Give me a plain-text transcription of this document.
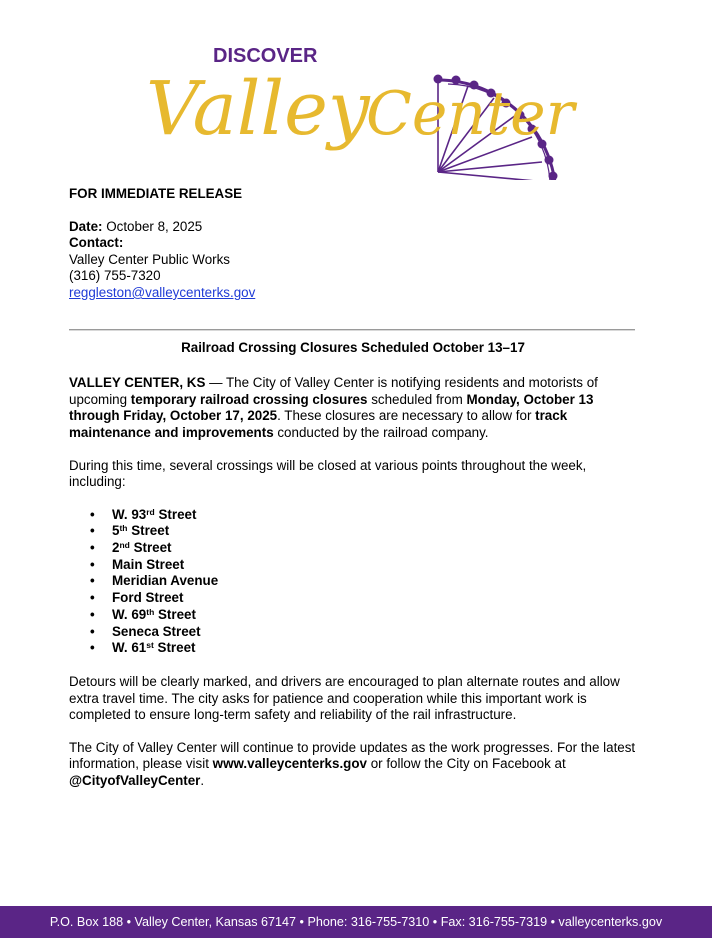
DISCOVER
Valley
Center

FOR IMMEDIATE RELEASE

Date: October 8, 2025

Contact:

Valley Center Public Works

(316) 755-7320

reggleston@valleycenterks.gov

Railroad Crossing Closures Scheduled October 13–17

VALLEY CENTER, KS — The City of Valley Center is notifying residents and motorists of upcoming temporary railroad crossing closures scheduled from Monday, October 13 through Friday, October 17, 2025. These closures are necessary to allow for track maintenance and improvements conducted by the railroad company.

During this time, several crossings will be closed at various points throughout the week, including:

• W. 93rd Street
• 5th Street
• 2nd Street
• Main Street
• Meridian Avenue
• Ford Street
• W. 69th Street
• Seneca Street
• W. 61st Street

Detours will be clearly marked, and drivers are encouraged to plan alternate routes and allow extra travel time. The city asks for patience and cooperation while this important work is completed to ensure long-term safety and reliability of the rail infrastructure.

The City of Valley Center will continue to provide updates as the work progresses. For the latest information, please visit www.valleycenterks.gov or follow the City on Facebook at @CityofValleyCenter.

P.O. Box 188 • Valley Center, Kansas 67147 • Phone: 316-755-7310 • Fax: 316-755-7319 • valleycenterks.gov
